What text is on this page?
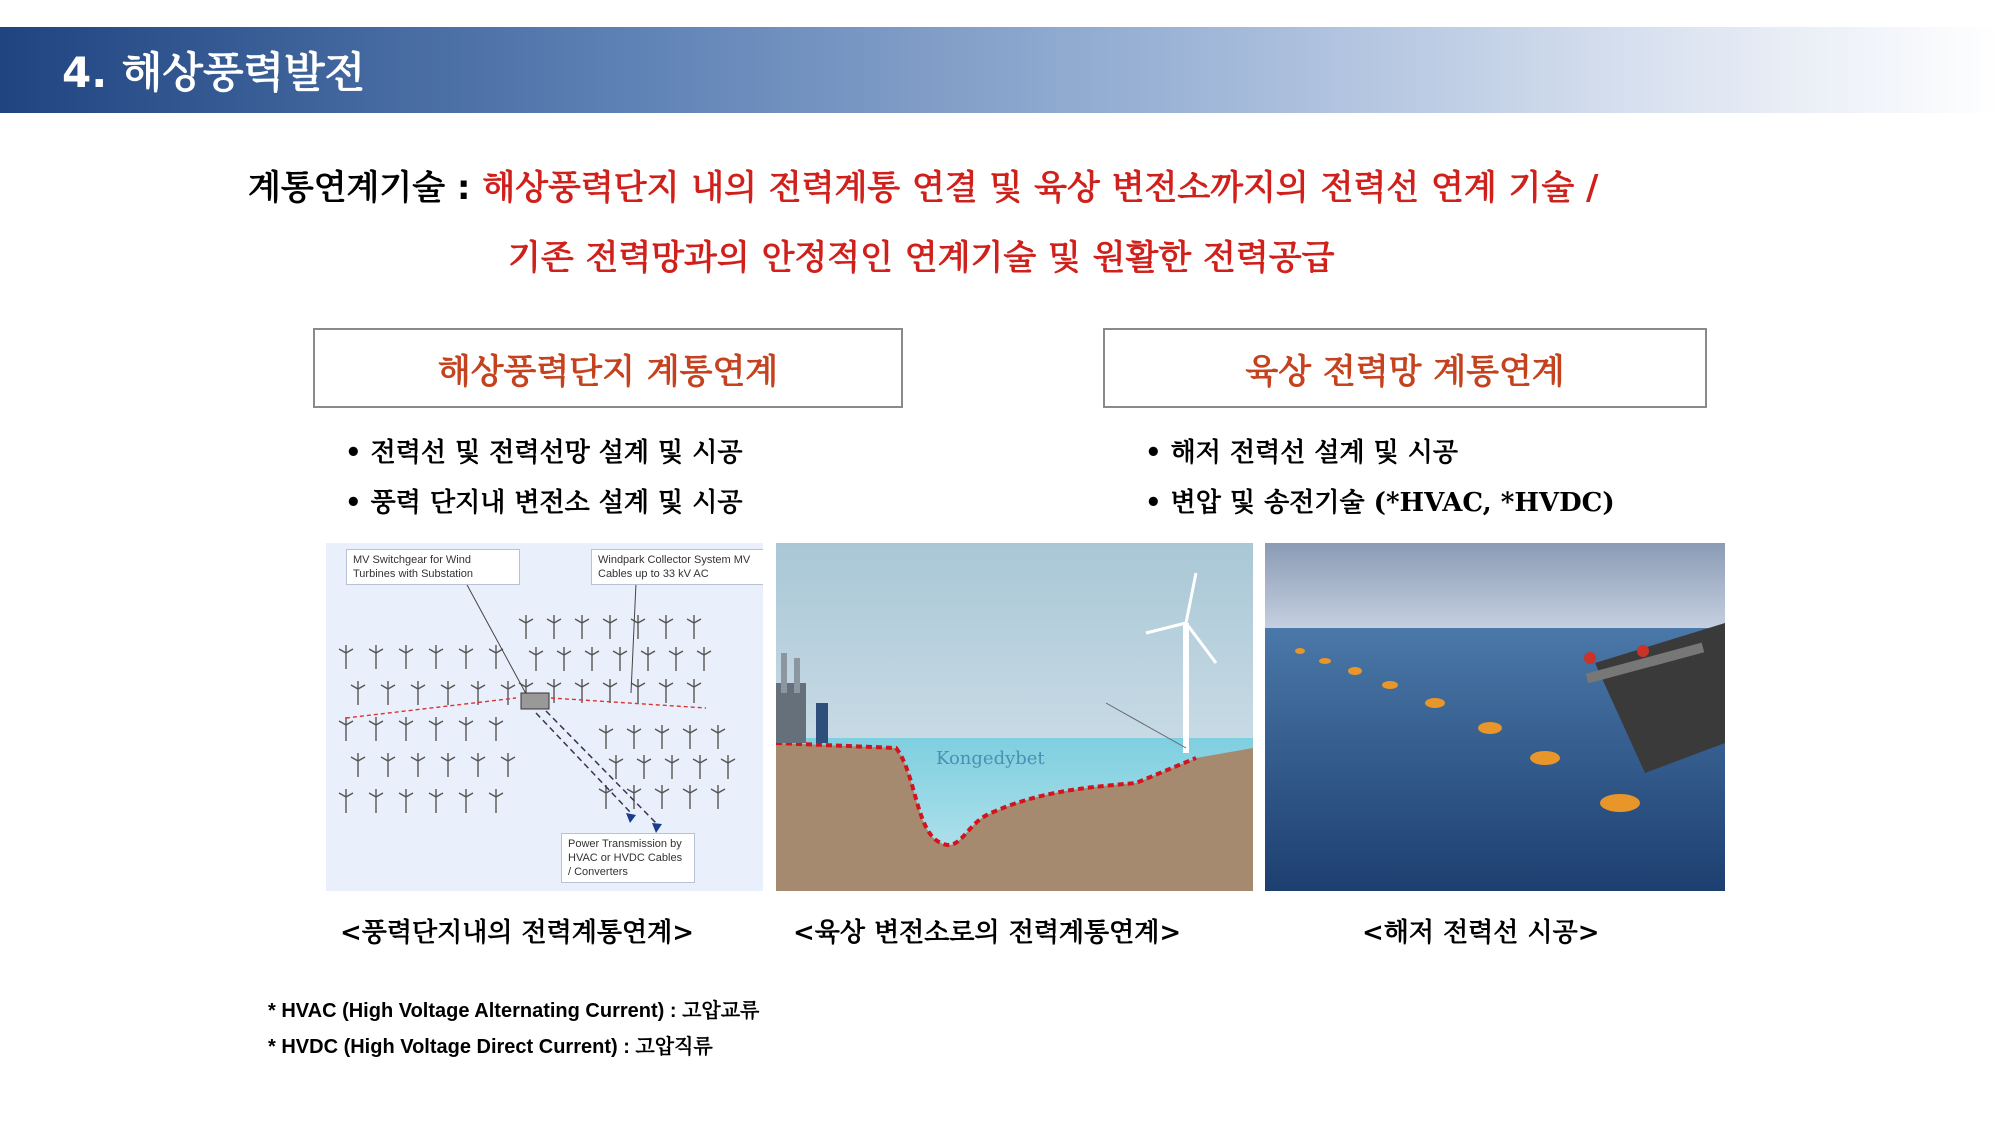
4. 해상풍력발전
계통연계기술 : 해상풍력단지 내의 전력계통 연결 및 육상 변전소까지의 전력선 연계 기술 /
기존 전력망과의 안정적인 연계기술 및 원활한 전력공급
해상풍력단지 계통연계	육상 전력망 계통연계
• 전력선 및 전력선망 설계 및 시공
• 풍력 단지내 변전소 설계 및 시공
• 해저 전력선 설계 및 시공
• 변압 및 송전기술 (*HVAC, *HVDC)
MV Switchgear for Wind Turbines with Substation
Windpark Collector System MV Cables up to 33 kV AC
Power Transmission by HVAC or HVDC Cables / Converters
Kongedybet
<풍력단지내의 전력계통연계>	<육상 변전소로의 전력계통연계>	<해저 전력선 시공>
* HVAC (High Voltage Alternating Current) : 고압교류
* HVDC (High Voltage Direct Current) : 고압직류
